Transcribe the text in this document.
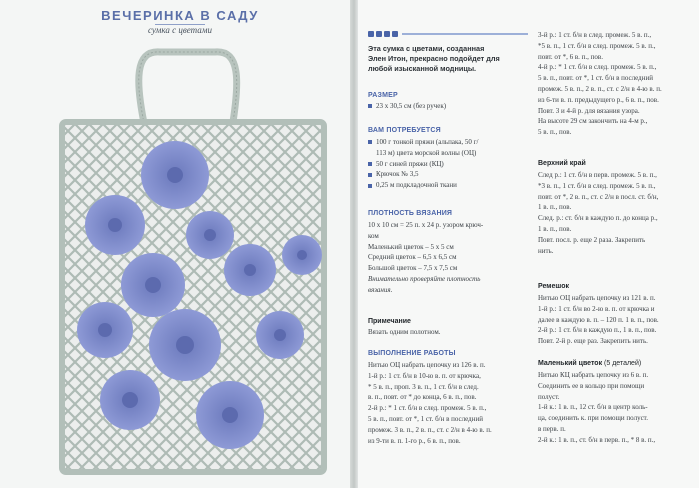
ВЕЧЕРИНКА В САДУ
сумка с цветами
Эта сумка с цветами, созданная
Элен Итон, прекрасно подойдет для
любой изысканной модницы.
РАЗМЕР
23 х 30,5 см (без ручек)
ВАМ ПОТРЕБУЕТСЯ
100 г тонкой пряжи (альпака, 50 г/
113 м) цвета морской волны (ОЦ)
50 г синей пряжи (КЦ)
Крючок № 3,5
0,25 м подкладочной ткани
ПЛОТНОСТЬ ВЯЗАНИЯ
10 х 10 см = 25 п. х 24 р. узором крюч-
ком
Маленький цветок – 5 х 5 см
Средний цветок – 6,5 х 6,5 см
Большой цветок – 7,5 х 7,5 см
Внимательно проверяйте плотность
вязания.
Примечание
Вязать одним полотном.
ВЫПОЛНЕНИЕ РАБОТЫ
Нитью ОЦ набрать цепочку из 126 в. п.
1-й р.: 1 ст. б/н в 10-ю в. п. от крючка,
* 5 в. п., проп. 3 в. п., 1 ст. б/н в след.
в. п., повт. от * до конца, 6 в. п., пов.
2-й р.: * 1 ст. б/н в след. промеж. 5 в. п.,
5 в. п., повт. от *, 1 ст. б/н в последний
промеж. 3 в. п., 2 в. п., ст. с 2/н в 4-ю в. п.
из 9-ти в. п. 1-го р., 6 в. п., пов.
3-й р.: 1 ст. б/н в след. промеж. 5 в. п.,
*5 в. п., 1 ст. б/н в след. промеж. 5 в. п.,
повт. от *, 6 в. п., пов.
4-й р.: * 1 ст. б/н в след. промеж. 5 в. п.,
5 в. п., повт. от *, 1 ст. б/н в последний
промеж. 5 в. п., 2 в. п., ст. с 2/н в 4-ю в. п.
из 6-ти в. п. предыдущего р., 6 в. п., пов.
Повт. 3 и 4-й р. для вязания узора.
На высоте 29 см закончить на 4-м р.,
5 в. п., пов.
Верхний край
След р.: 1 ст. б/н в перв. промеж. 5 в. п.,
*3 в. п., 1 ст. б/н в след. промеж. 5 в. п.,
повт. от *, 2 в. п., ст. с 2/н в посл. ст. б/н,
1 в. п., пов.
След. р.: ст. б/н в каждую п. до конца р.,
1 в. п., пов.
Повт. посл. р. еще 2 раза. Закрепить
нить.
Ремешок
Нитью ОЦ набрать цепочку из 121 в. п.
1-й р.: 1 ст. б/н во 2-ю в. п. от крючка и
далее в каждую в. п. – 120 п. 1 в. п., пов.
2-й р.: 1 ст. б/н в каждую п., 1 в. п., пов.
Повт. 2-й р. еще раз. Закрепить нить.
Маленький цветок (5 деталей)
Нитью КЦ набрать цепочку из 6 в. п.
Соединить ее в кольцо при помощи
полуст.
1-й к.: 1 в. п., 12 ст. б/н в центр коль-
ца, соединить к. при помощи полуст.
в перв. п.
2-й к.: 1 в. п., ст. б/н в перв. п., * 8 в. п.,
